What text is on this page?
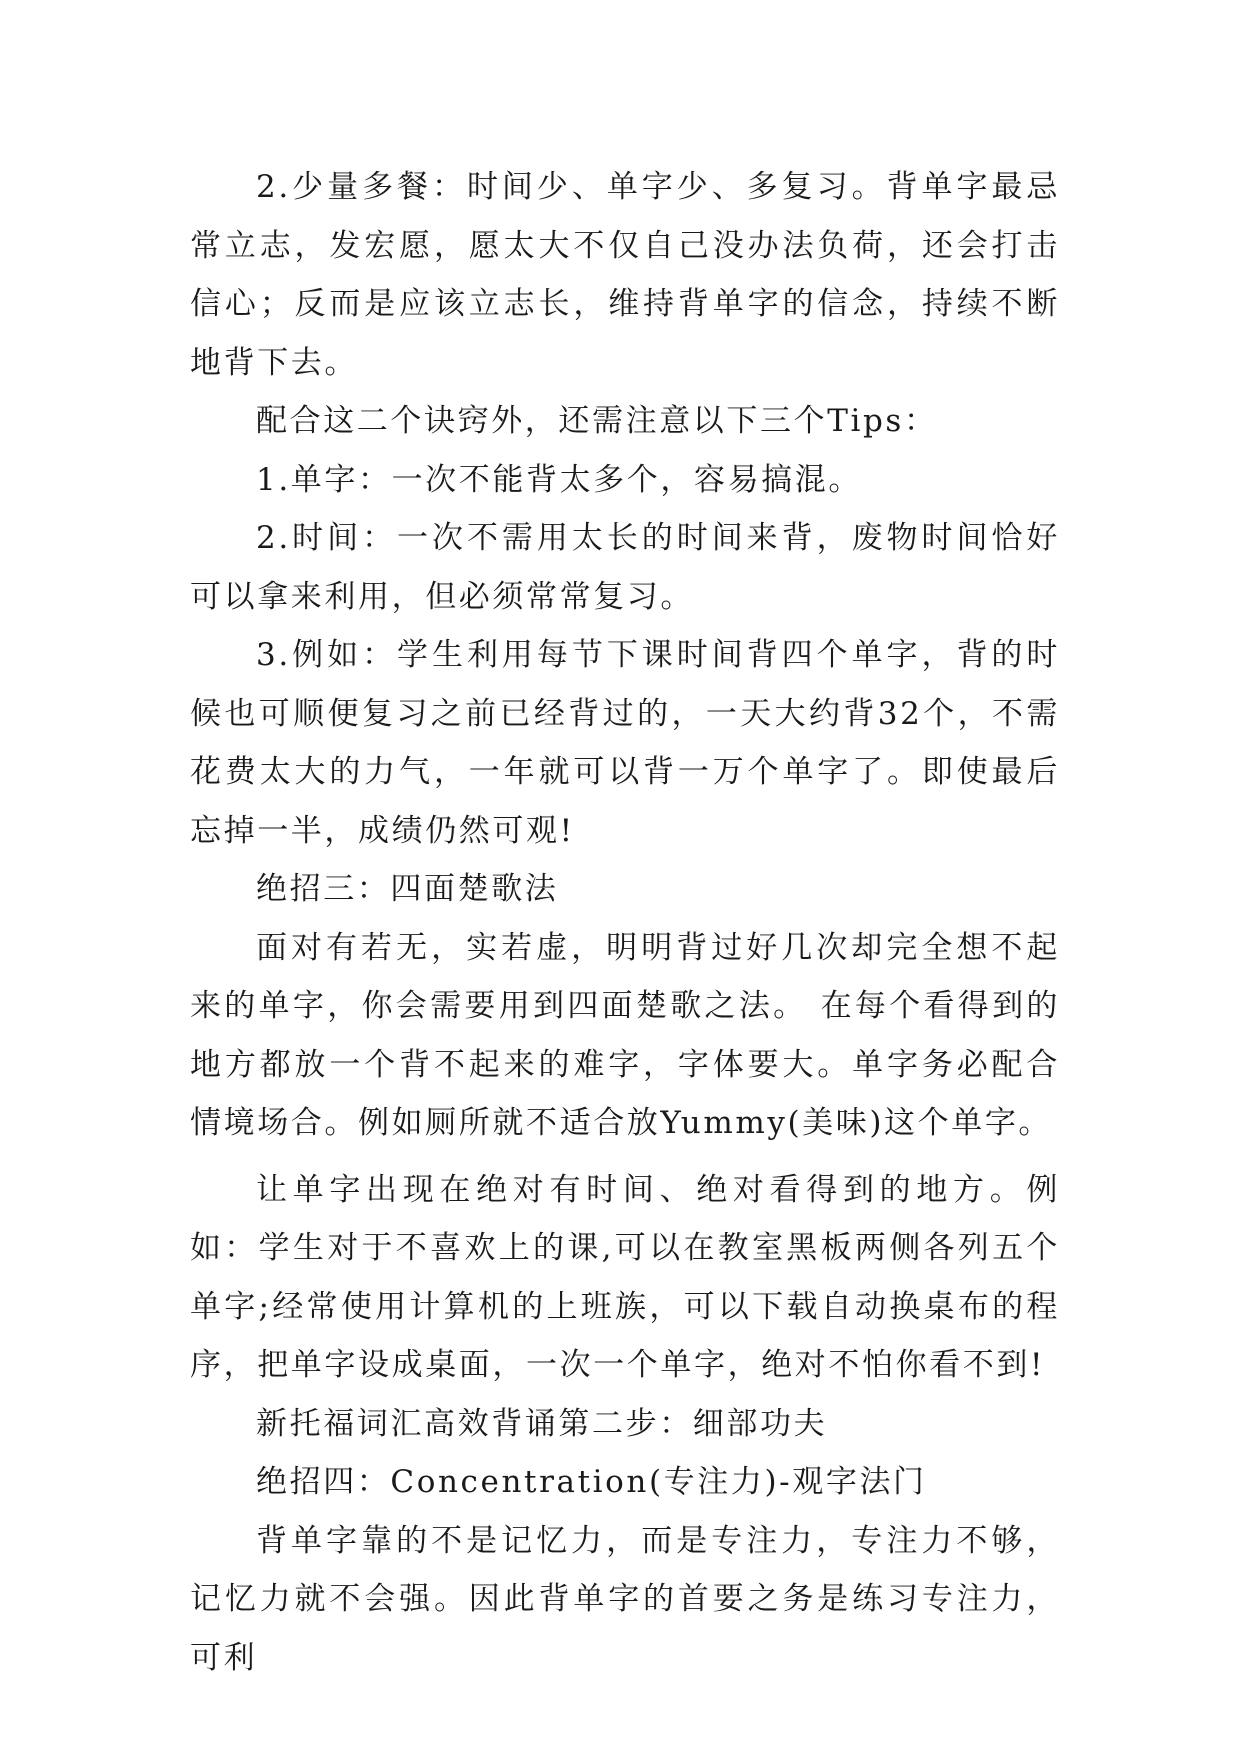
2.少量多餐：时间少、单字少、多复习。背单字最忌常立志，发宏愿，愿太大不仅自己没办法负荷，还会打击信心；反而是应该立志长，维持背单字的信念，持续不断地背下去。

配合这二个诀窍外，还需注意以下三个Tips：

1.单字：一次不能背太多个，容易搞混。

2.时间：一次不需用太长的时间来背，废物时间恰好可以拿来利用，但必须常常复习。

3.例如：学生利用每节下课时间背四个单字，背的时候也可顺便复习之前已经背过的，一天大约背32个，不需花费太大的力气，一年就可以背一万个单字了。即使最后忘掉一半，成绩仍然可观!

绝招三：四面楚歌法

面对有若无，实若虚，明明背过好几次却完全想不起来的单字，你会需要用到四面楚歌之法。 在每个看得到的地方都放一个背不起来的难字，字体要大。单字务必配合情境场合。例如厕所就不适合放Yummy(美味)这个单字。

让单字出现在绝对有时间、绝对看得到的地方。例如：学生对于不喜欢上的课,可以在教室黑板两侧各列五个单字;经常使用计算机的上班族，可以下载自动换桌布的程序，把单字设成桌面，一次一个单字，绝对不怕你看不到!

新托福词汇高效背诵第二步：细部功夫

绝招四：Concentration(专注力)-观字法门

背单字靠的不是记忆力，而是专注力，专注力不够，记忆力就不会强。因此背单字的首要之务是练习专注力，可利
